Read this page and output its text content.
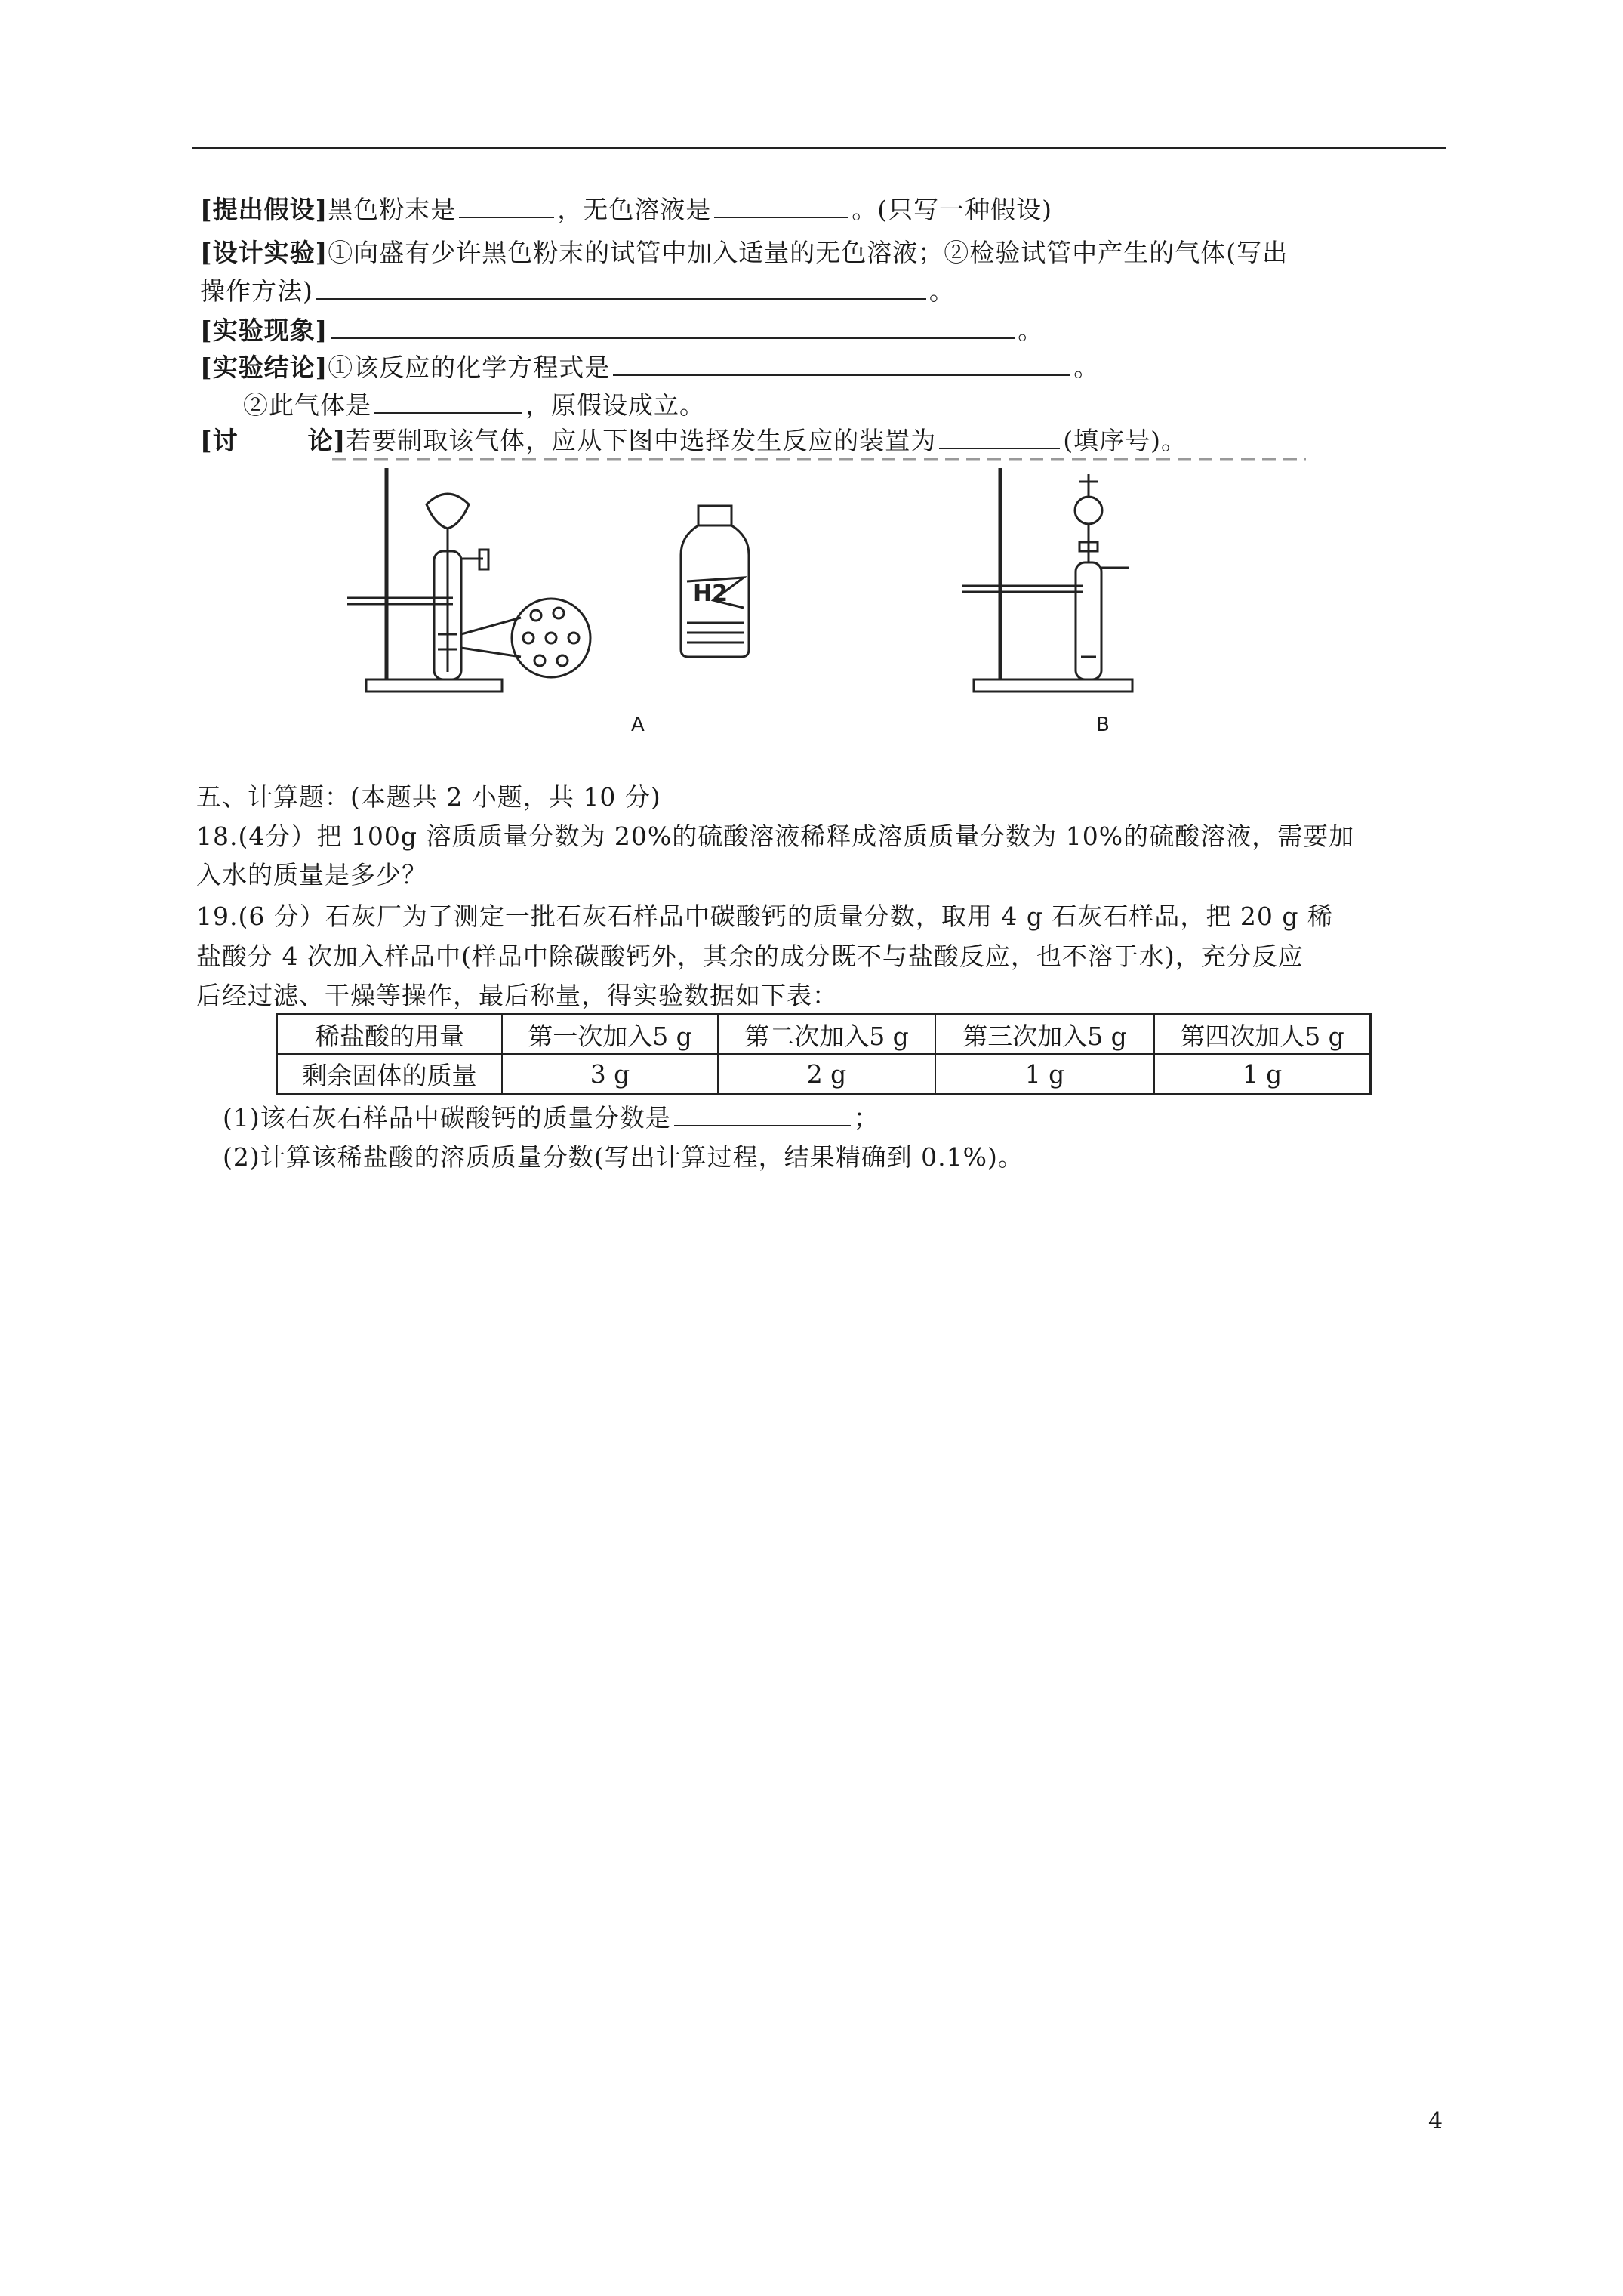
[提出假设]黑色粉末是	，无色溶液是	。(只写一种假设)
[设计实验]①向盛有少许黑色粉末的试管中加入适量的无色溶液；②检验试管中产生的气体(写出
操作方法)	。
[实验现象]	。
[实验结论]①该反应的化学方程式是	。
②此气体是	，原假设成立。
[讨	论]若要制取该气体，应从下图中选择发生反应的装置为	(填序号)。
H2
A	B
五、计算题：(本题共 2 小题，共 10 分)
18.(4分）把 100g 溶质质量分数为 20%的硫酸溶液稀释成溶质质量分数为 10%的硫酸溶液，需要加
入水的质量是多少？
19.(6 分）石灰厂为了测定一批石灰石样品中碳酸钙的质量分数，取用 4 g 石灰石样品，把 20 g 稀
盐酸分 4 次加入样品中(样品中除碳酸钙外，其余的成分既不与盐酸反应，也不溶于水)，充分反应
后经过滤、干燥等操作，最后称量，得实验数据如下表：
稀盐酸的用量	第一次加入5 g	第二次加入5 g	第三次加入5 g	第四次加人5 g
剩余固体的质量	3 g	2 g	1 g	1 g
(1)该石灰石样品中碳酸钙的质量分数是	；
(2)计算该稀盐酸的溶质质量分数(写出计算过程，结果精确到 0.1%)。
4
